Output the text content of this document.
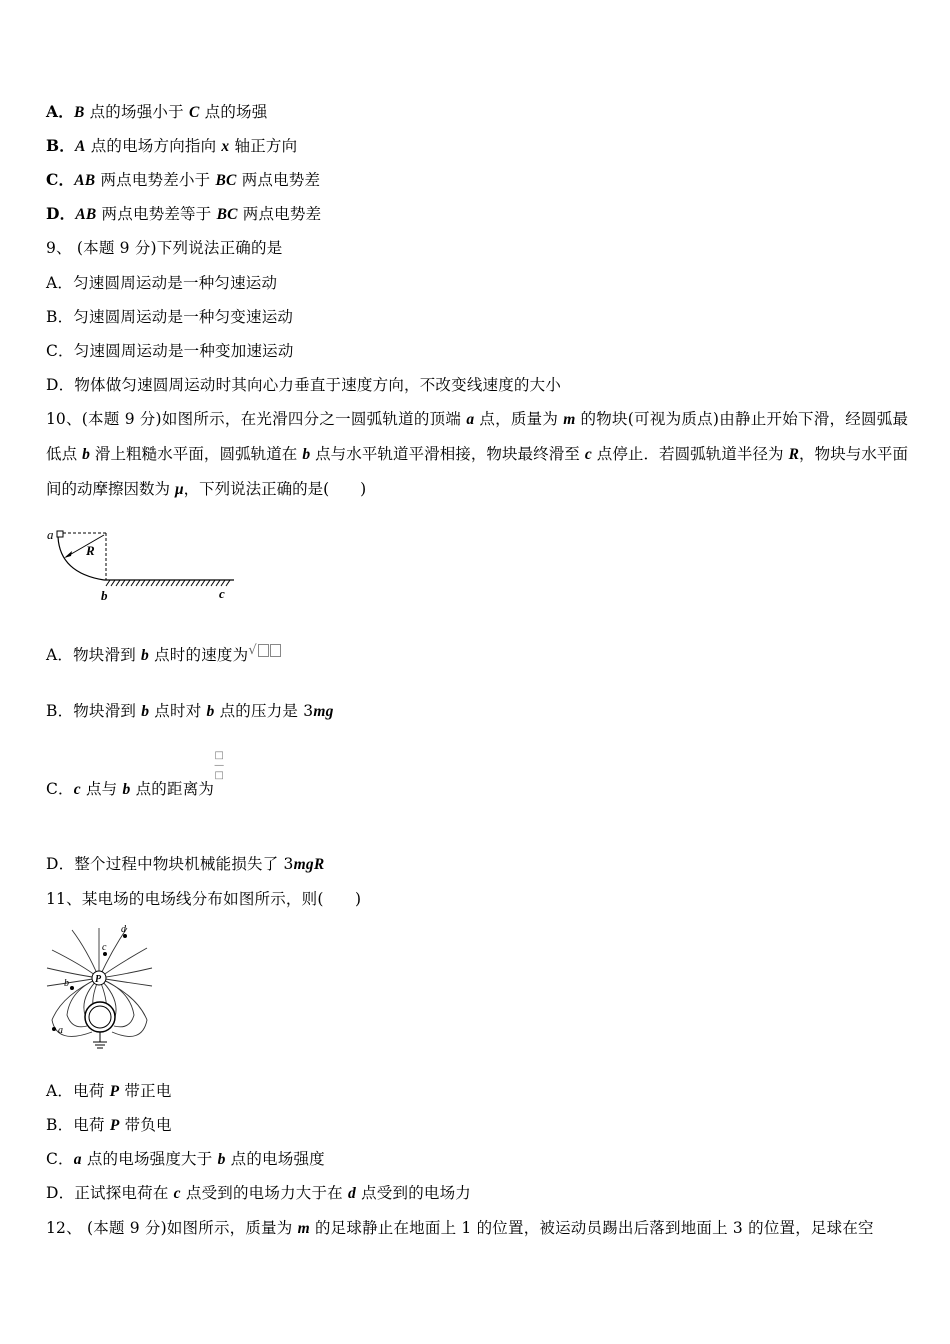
A．B 点的场强小于 C 点的场强
B．A 点的电场方向指向 x 轴正方向
C．AB 两点电势差小于 BC 两点电势差
D．AB 两点电势差等于 BC 两点电势差
9、 (本题 9 分)下列说法正确的是
A．匀速圆周运动是一种匀速运动
B．匀速圆周运动是一种匀变速运动
C．匀速圆周运动是一种变加速运动
D．物体做匀速圆周运动时其向心力垂直于速度方向，不改变线速度的大小
10、(本题 9 分)如图所示，在光滑四分之一圆弧轨道的顶端 a 点，质量为 m 的物块(可视为质点)由静止开始下滑，经圆弧最低点 b 滑上粗糙水平面，圆弧轨道在 b 点与水平轨道平滑相接，物块最终滑至 c 点停止．若圆弧轨道半径为 R，物块与水平面间的动摩擦因数为 μ，下列说法正确的是(　　)
a
R
b	c
A．物块滑到 b 点时的速度为√
B．物块滑到 b 点时对 b 点的压力是 3mg
C．c 点与 b 点的距离为□
—
□
D．整个过程中物块机械能损失了 3mgR
11、某电场的电场线分布如图所示，则(　　)
P
a
b
c
d
A．电荷 P 带正电
B．电荷 P 带负电
C．a 点的电场强度大于 b 点的电场强度
D．正试探电荷在 c 点受到的电场力大于在 d 点受到的电场力
12、 (本题 9 分)如图所示，质量为 m 的足球静止在地面上 1 的位置，被运动员踢出后落到地面上 3 的位置，足球在空
